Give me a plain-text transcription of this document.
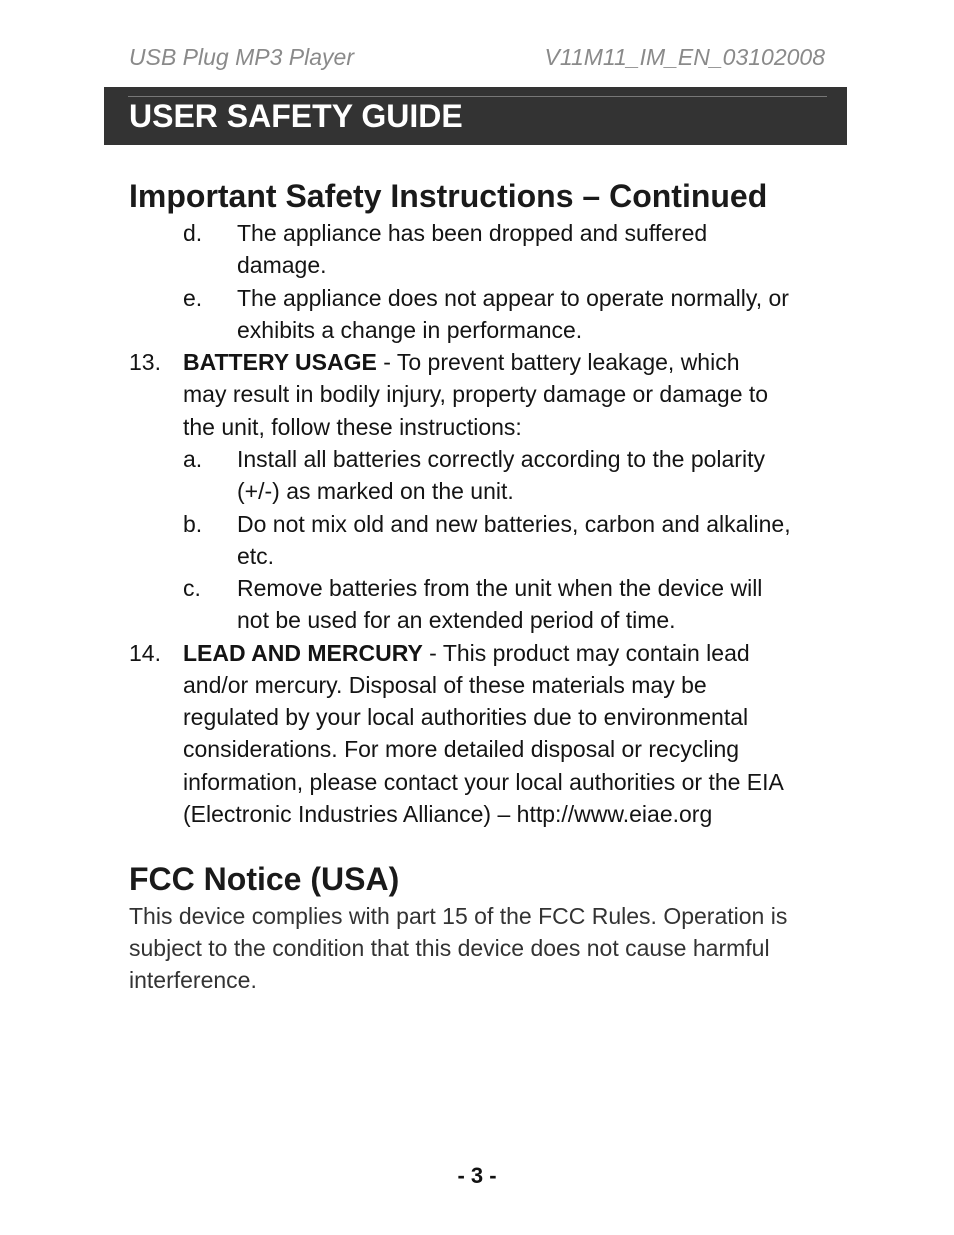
USB Plug MP3 Player	V11M11_IM_EN_03102008
USER SAFETY GUIDE
Important Safety Instructions – Continued
d. The appliance has been dropped and suffered
damage.
e. The appliance does not appear to operate normally, or
exhibits a change in performance.
13. BATTERY USAGE - To prevent battery leakage, which
may result in bodily injury, property damage or damage to
the unit, follow these instructions:
a. Install all batteries correctly according to the polarity
(+/-) as marked on the unit.
b. Do not mix old and new batteries, carbon and alkaline,
etc.
c. Remove batteries from the unit when the device will
not be used for an extended period of time.
14. LEAD AND MERCURY - This product may contain lead
and/or mercury. Disposal of these materials may be
regulated by your local authorities due to environmental
considerations. For more detailed disposal or recycling
information, please contact your local authorities or the EIA
(Electronic Industries Alliance) – http://www.eiae.org
FCC Notice (USA)
This device complies with part 15 of the FCC Rules. Operation is
subject to the condition that this device does not cause harmful
interference.
- 3 -
